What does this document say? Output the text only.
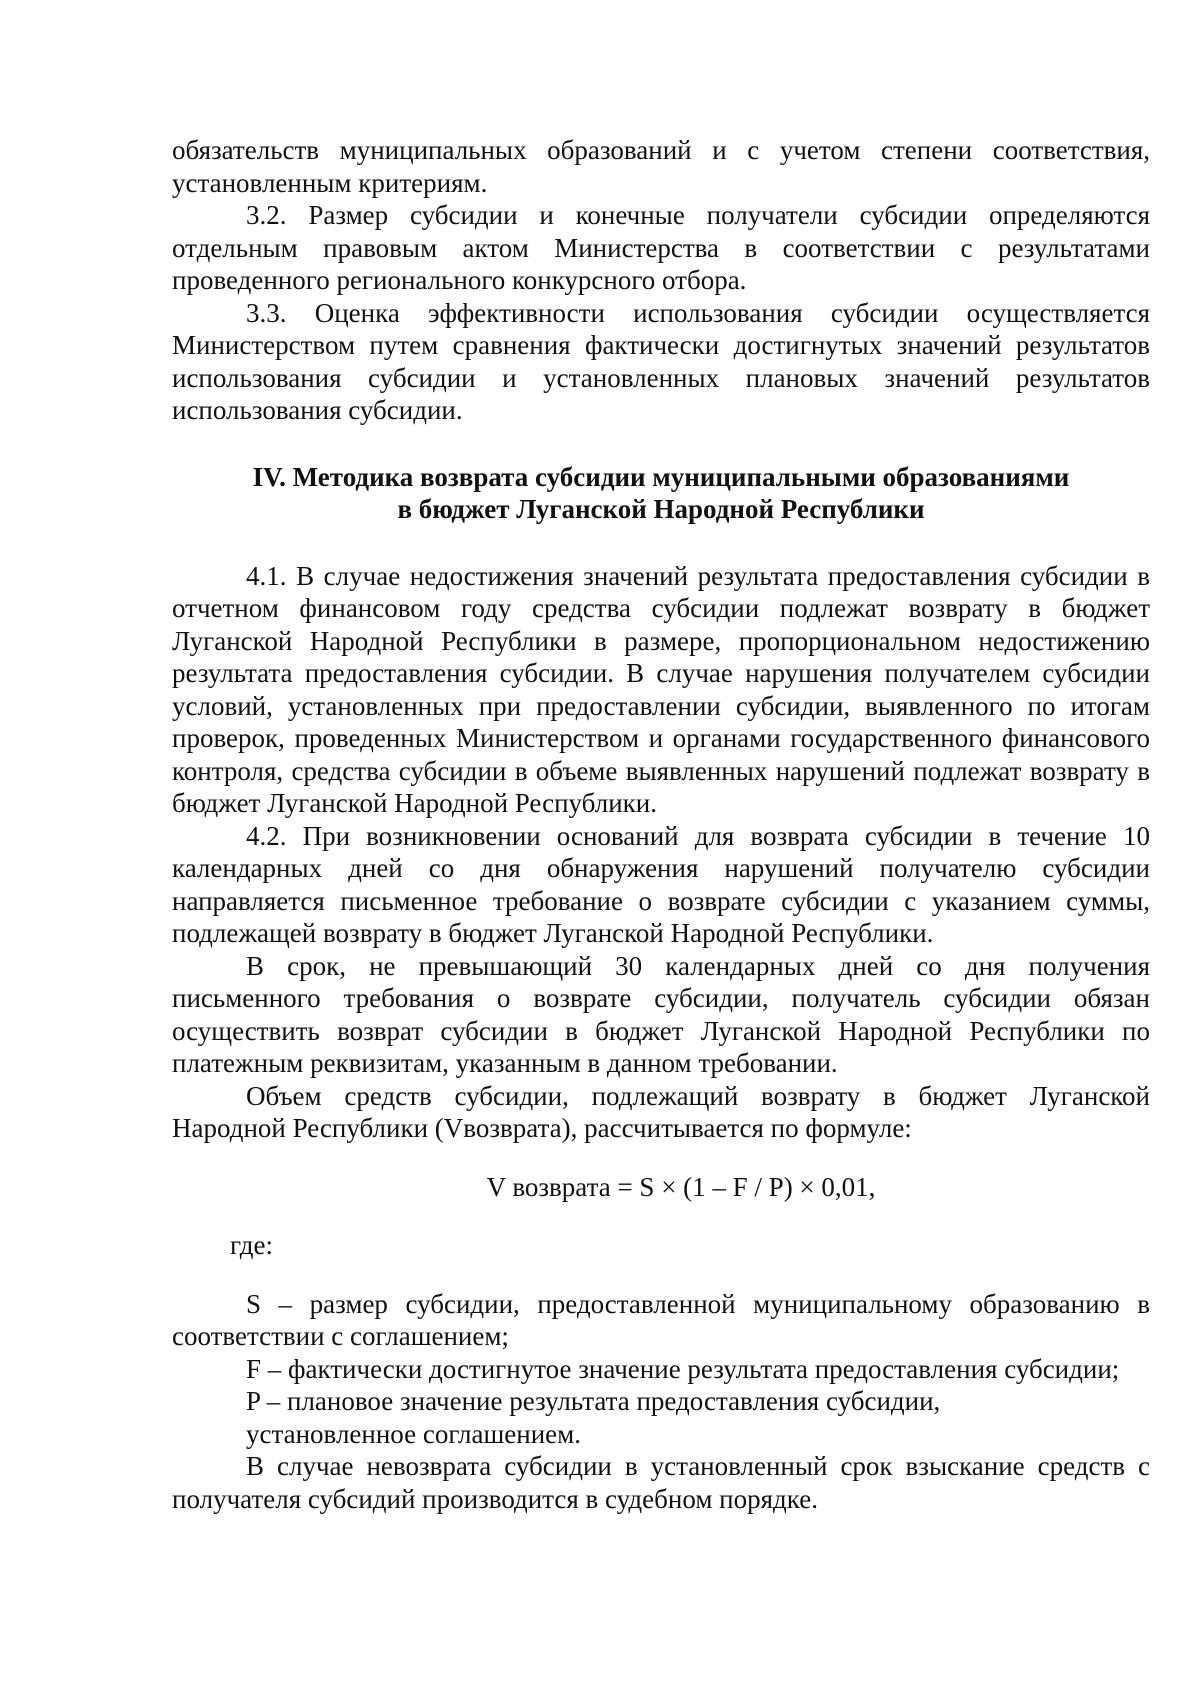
обязательств муниципальных образований и с учетом степени соответствия, установленным критериям.

3.2. Размер субсидии и конечные получатели субсидии определяются отдельным правовым актом Министерства в соответствии с результатами проведенного регионального конкурсного отбора.

3.3. Оценка эффективности использования субсидии осуществляется Министерством путем сравнения фактически достигнутых значений результатов использования субсидии и установленных плановых значений результатов использования субсидии.

IV. Методика возврата субсидии муниципальными образованиями
в бюджет Луганской Народной Республики

4.1. В случае недостижения значений результата предоставления субсидии в отчетном финансовом году средства субсидии подлежат возврату в бюджет Луганской Народной Республики в размере, пропорциональном недостижению результата предоставления субсидии. В случае нарушения получателем субсидии условий, установленных при предоставлении субсидии, выявленного по итогам проверок, проведенных Министерством и органами государственного финансового контроля, средства субсидии в объеме выявленных нарушений подлежат возврату в бюджет Луганской Народной Республики.

4.2. При возникновении оснований для возврата субсидии в течение 10 календарных дней со дня обнаружения нарушений получателю субсидии направляется письменное требование о возврате субсидии с указанием суммы, подлежащей возврату в бюджет Луганской Народной Республики.

В срок, не превышающий 30 календарных дней со дня получения письменного требования о возврате субсидии, получатель субсидии обязан осуществить возврат субсидии в бюджет Луганской Народной Республики по платежным реквизитам, указанным в данном требовании.

Объем средств субсидии, подлежащий возврату в бюджет Луганской Народной Республики (Vвозврата), рассчитывается по формуле:

V возврата = S × (1 – F / P) × 0,01,

где:

S – размер субсидии, предоставленной муниципальному образованию в соответствии с соглашением;

F – фактически достигнутое значение результата предоставления субсидии;

P – плановое значение результата предоставления субсидии,

установленное соглашением.

В случае невозврата субсидии в установленный срок взыскание средств с получателя субсидий производится в судебном порядке.
